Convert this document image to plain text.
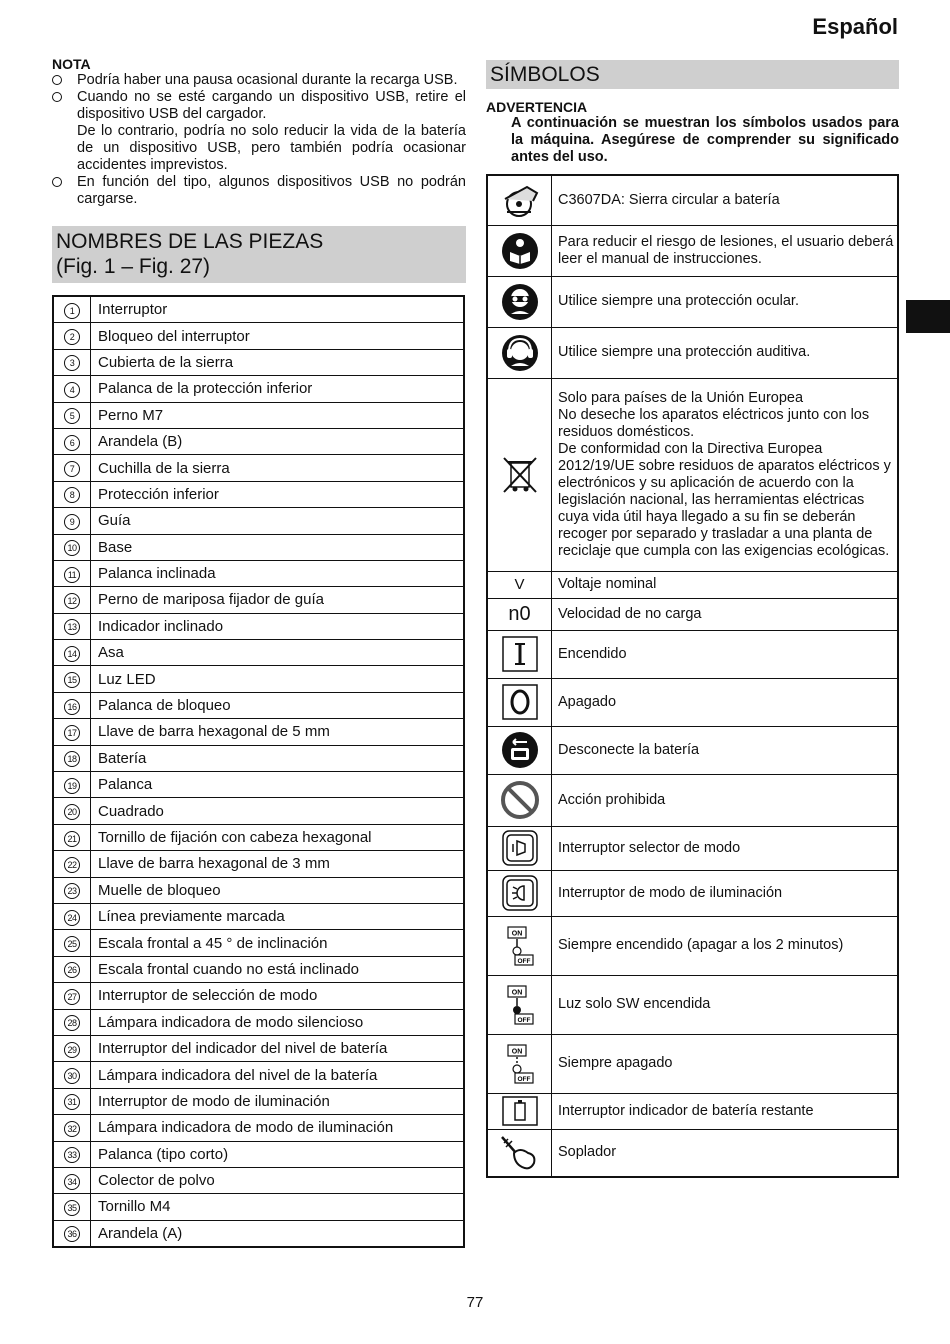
Español

NOTA

Podría haber una pausa ocasional durante la recarga USB.
Cuando no se esté cargando un dispositivo USB, retire el dispositivo USB del cargador.
De lo contrario, podría no solo reducir la vida de la batería de un dispositivo USB, pero también podría ocasionar accidentes imprevistos.
En función del tipo, algunos dispositivos USB no podrán cargarse.
NOMBRES DE LAS PIEZAS
(Fig. 1 – Fig. 27)
1	Interruptor
2	Bloqueo del interruptor
3	Cubierta de la sierra
4	Palanca de la protección inferior
5	Perno M7
6	Arandela (B)
7	Cuchilla de la sierra
8	Protección inferior
9	Guía
10	Base
11	Palanca inclinada
12	Perno de mariposa fijador de guía
13	Indicador inclinado
14	Asa
15	Luz LED
16	Palanca de bloqueo
17	Llave de barra hexagonal de 5 mm
18	Batería
19	Palanca
20	Cuadrado
21	Tornillo de fijación con cabeza hexagonal
22	Llave de barra hexagonal de 3 mm
23	Muelle de bloqueo
24	Línea previamente marcada
25	Escala frontal a 45 ° de inclinación
26	Escala frontal cuando no está inclinado
27	Interruptor de selección de modo
28	Lámpara indicadora de modo silencioso
29	Interruptor del indicador del nivel de batería
30	Lámpara indicadora del nivel de la batería
31	Interruptor de modo de iluminación
32	Lámpara indicadora de modo de iluminación
33	Palanca (tipo corto)
34	Colector de polvo
35	Tornillo M4
36	Arandela (A)
SÍMBOLOS
ADVERTENCIA
A continuación se muestran los símbolos usados para la máquina. Asegúrese de comprender su significado antes del uso.
	C3607DA: Sierra circular a batería

	Para reducir el riesgo de lesiones, el usuario deberá leer el manual de instrucciones.

	Utilice siempre una protección ocular.

	Utilice siempre una protección auditiva.

	Solo para países de la Unión Europea
No deseche los aparatos eléctricos junto con los residuos domésticos.
De conformidad con la Directiva Europea 2012/19/UE sobre residuos de aparatos eléctricos y electrónicos y su aplicación de acuerdo con la legislación nacional, las herramientas eléctricas cuya vida útil haya llegado a su fin se deberán recoger por separado y trasladar a una planta de reciclaje que cumpla con las exigencias ecológicas.
V	Voltaje nominal
n0	Velocidad de no carga

	Encendido

	Apagado

	Desconecte la batería

	Acción prohibida

	Interruptor selector de modo

	Interruptor de modo de iluminación

ON
OFF	Siempre encendido (apagar a los 2 minutos)

ON
OFF	Luz solo SW encendida

ON
OFF	Siempre apagado

	Interruptor indicador de batería restante

	Soplador
77
